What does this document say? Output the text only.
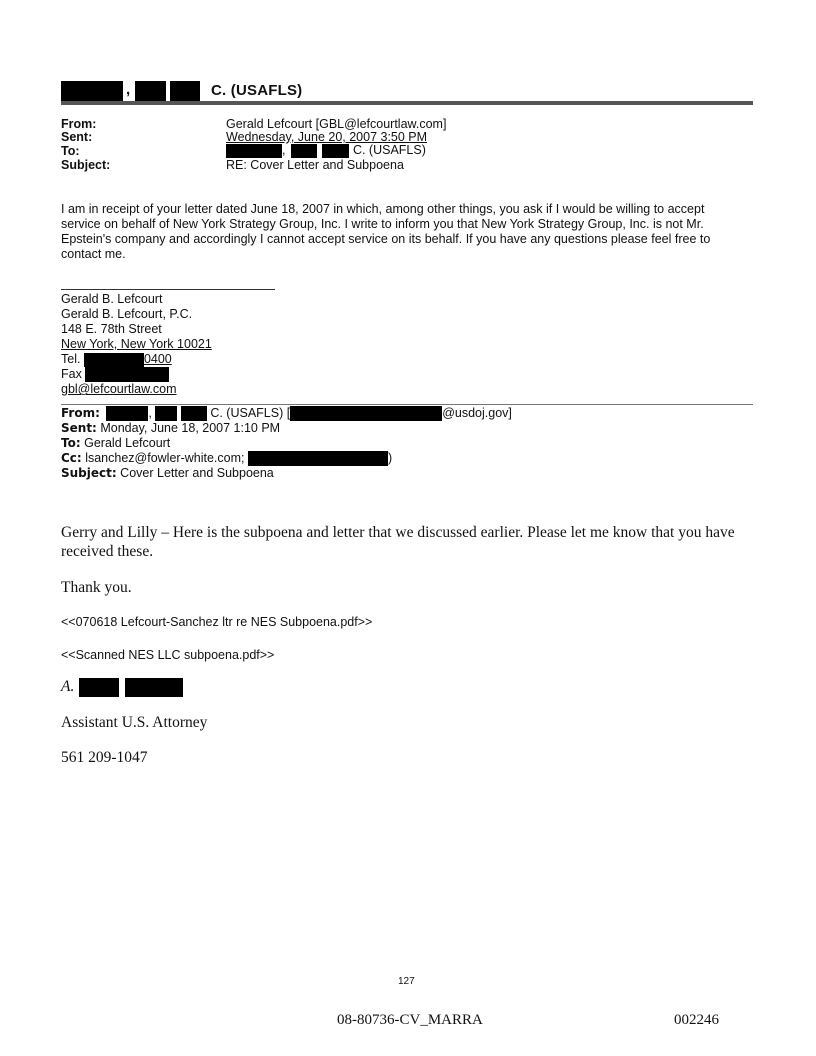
,	C. (USAFLS)
From:	Gerald Lefcourt [GBL@lefcourtlaw.com]
Sent:	Wednesday, June 20, 2007 3:50 PM
To:	,	C. (USAFLS)
Subject:	RE: Cover Letter and Subpoena
I am in receipt of your letter dated June 18, 2007 in which, among other things, you ask if I would be willing to accept service on behalf of New York Strategy Group, Inc. I write to inform you that New York Strategy Group, Inc. is not Mr. Epstein's company and accordingly I cannot accept service on its behalf. If you have any questions please feel free to contact me.
Gerald B. Lefcourt
Gerald B. Lefcourt, P.C.
148 E. 78th Street
New York, New York 10021
Tel.	0400
Fax
gbl@lefcourtlaw.com
From:	,	C. (USAFLS) [	@usdoj.gov]
Sent: Monday, June 18, 2007 1:10 PM
To: Gerald Lefcourt
Cc: lsanchez@fowler-white.com;	)
Subject: Cover Letter and Subpoena
Gerry and Lilly – Here is the subpoena and letter that we discussed earlier. Please let me know that you have received these.
Thank you.
<<070618 Lefcourt-Sanchez ltr re NES Subpoena.pdf>>
<<Scanned NES LLC subpoena.pdf>>
A.
Assistant U.S. Attorney
561 209-1047
127
08-80736-CV_MARRA	002246
